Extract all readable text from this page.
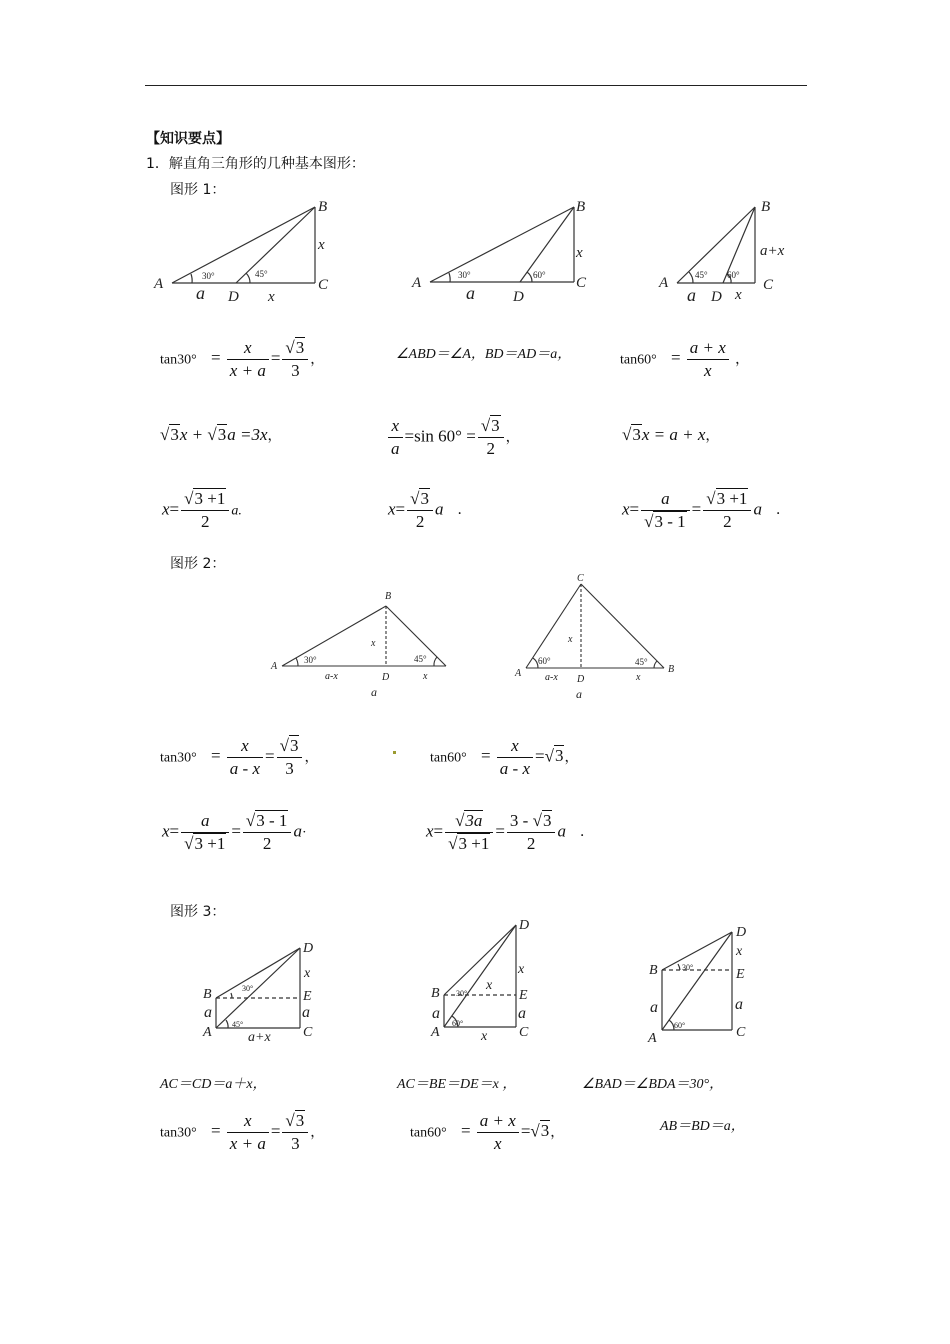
【知识要点】
1．解直角三角形的几种基本图形：
图形 1：
A
B
C
D
x
a	x
30°	45°
A
B
C
D
x
a
30°	60°	A
B
C
D
a+x
a	x
45° 60°
$\tan 30^\circ = \frac{x}{x + a} = \frac{√3}{3}$ ，	∠ABD＝∠A，BD＝AD＝a，	$\tan 60^\circ = \frac{a + x}{x}$ ，
√3x + √3a =3x，	$\frac{x}{a} =\sin$ $60^\circ = \frac{√3}{2}$ ，	√3x = a + x，
$x= \frac{√3 +1}{2} a$.	$x= \frac{√3}{2}$ a ．	$x= \frac{a}{√3 - 1} = \frac{√3 +1}{2}$ a ．
图形 2：
A
B
D
x
a-x	x
a
30°	45°
A	B
C
D
x
a-x	x
a
60°	45°
$\tan 30^\circ = \frac{x}{a - x} = \frac{√3}{3}$ ，	$\tan 60^\circ = \frac{x}{a - x} =√3$，
$x= \frac{a}{√3 +1} = \frac{√3 - 1}{2} a\cdot$	$x= \frac{√3a}{√3 +1} = \frac{3 - √3}{2}$ a ．
图形 3：
B
A
D
E
C
x
a	a
a+x
30°
45°
B
A
D
E
C
x
x
a	a
x
30°
60°
B
A
D
E
C
x
a	a
30°
60°
AC＝CD＝a＋x，	AC＝BE＝DE＝x ，	∠BAD＝∠BDA＝30°，
$\tan 30^\circ = \frac{x}{x + a} = \frac{√3}{3}$ ，	$\tan 60^\circ = \frac{a + x}{x} =√3$，	AB＝BD＝a，
